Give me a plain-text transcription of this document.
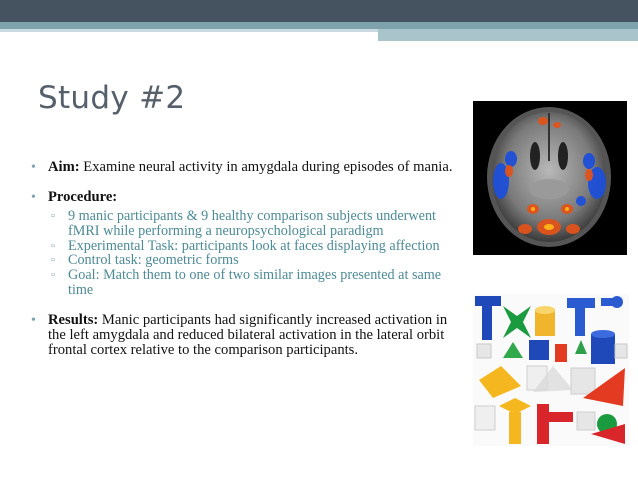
Study #2
• Aim: Examine neural activity in amygdala during episodes of mania.
• Procedure:
▫ 9 manic participants & 9 healthy comparison subjects underwent fMRI while performing a neuropsychological paradigm
▫ Experimental Task: participants look at faces displaying affection
▫ Control task: geometric forms
▫ Goal: Match them to one of two similar images presented at same time
• Results: Manic participants had significantly increased activation in the left amygdala and reduced bilateral activation in the lateral orbit frontal cortex relative to the comparison participants.
